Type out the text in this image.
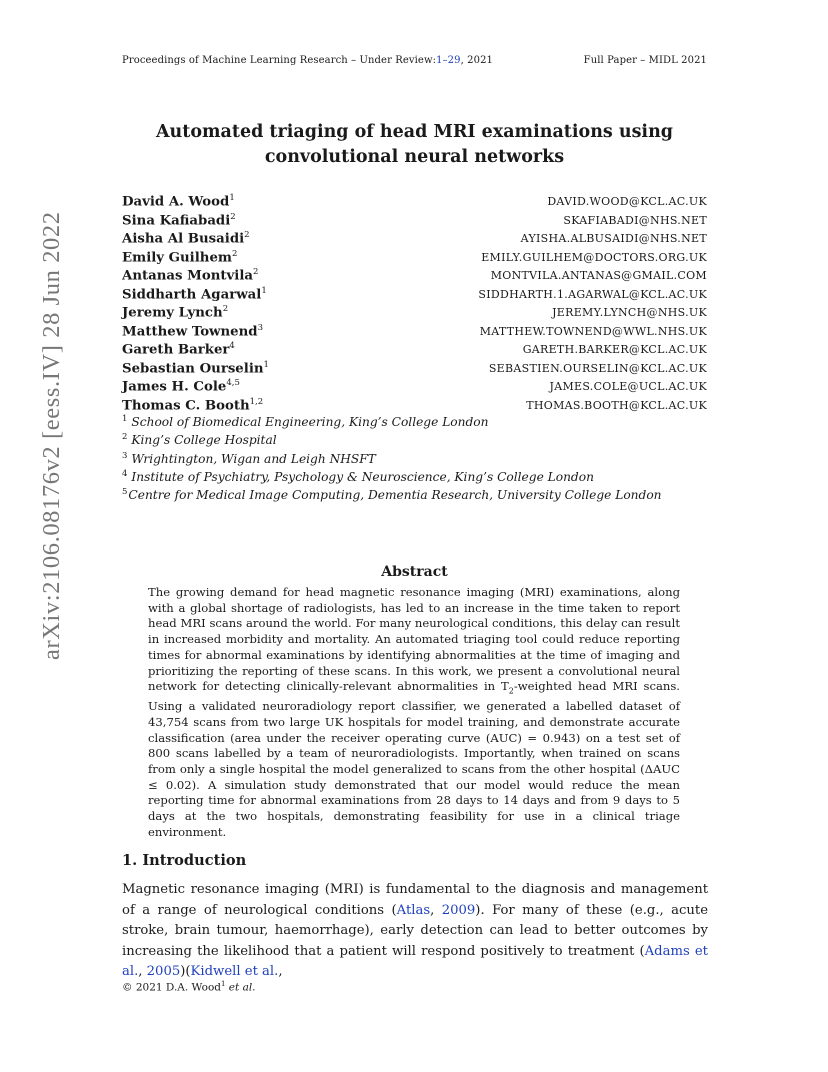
Proceedings of Machine Learning Research – Under Review:1–29, 2021	Full Paper – MIDL 2021
arXiv:2106.08176v2 [eess.IV] 28 Jun 2022
Automated triaging of head MRI examinations using
convolutional neural networks
David A. Wood$^1$	DAVID.WOOD@KCL.AC.UK
Sina Kafiabadi$^2$	SKAFIABADI@NHS.NET
Aisha Al Busaidi$^2$	AYISHA.ALBUSAIDI@NHS.NET
Emily Guilhem$^2$	EMILY.GUILHEM@DOCTORS.ORG.UK
Antanas Montvila$^2$	MONTVILA.ANTANAS@GMAIL.COM
Siddharth Agarwal$^1$	SIDDHARTH.1.AGARWAL@KCL.AC.UK
Jeremy Lynch$^2$	JEREMY.LYNCH@NHS.UK
Matthew Townend$^3$	MATTHEW.TOWNEND@WWL.NHS.UK
Gareth Barker$^4$	GARETH.BARKER@KCL.AC.UK
Sebastian Ourselin$^1$	SEBASTIEN.OURSELIN@KCL.AC.UK
James H. Cole$^{4,5}$	JAMES.COLE@UCL.AC.UK
Thomas C. Booth$^{1,2}$	THOMAS.BOOTH@KCL.AC.UK
$^1$ School of Biomedical Engineering, King’s College London
$^2$ King’s College Hospital
$^3$ Wrightington, Wigan and Leigh NHSFT
$^4$ Institute of Psychiatry, Psychology & Neuroscience, King’s College London
$^5$Centre for Medical Image Computing, Dementia Research, University College London
Abstract
The growing demand for head magnetic resonance imaging (MRI) examinations, along with a global shortage of radiologists, has led to an increase in the time taken to report head MRI scans around the world. For many neurological conditions, this delay can result in increased morbidity and mortality. An automated triaging tool could reduce reporting times for abnormal examinations by identifying abnormalities at the time of imaging and prioritizing the reporting of these scans. In this work, we present a convolutional neural network for detecting clinically-relevant abnormalities in $T_2$-weighted head MRI scans. Using a validated neuroradiology report classifier, we generated a labelled dataset of 43,754 scans from two large UK hospitals for model training, and demonstrate accurate classification (area under the receiver operating curve (AUC) = 0.943) on a test set of 800 scans labelled by a team of neuroradiologists. Importantly, when trained on scans from only a single hospital the model generalized to scans from the other hospital (ΔAUC ≤ 0.02). A simulation study demonstrated that our model would reduce the mean reporting time for abnormal examinations from 28 days to 14 days and from 9 days to 5 days at the two hospitals, demonstrating feasibility for use in a clinical triage environment.
1. Introduction
Magnetic resonance imaging (MRI) is fundamental to the diagnosis and management of a range of neurological conditions (Atlas, 2009). For many of these (e.g., acute stroke, brain tumour, haemorrhage), early detection can lead to better outcomes by increasing the likelihood that a patient will respond positively to treatment (Adams et al., 2005)(Kidwell et al.,
© 2021 D.A. Wood$^1$ et al.
